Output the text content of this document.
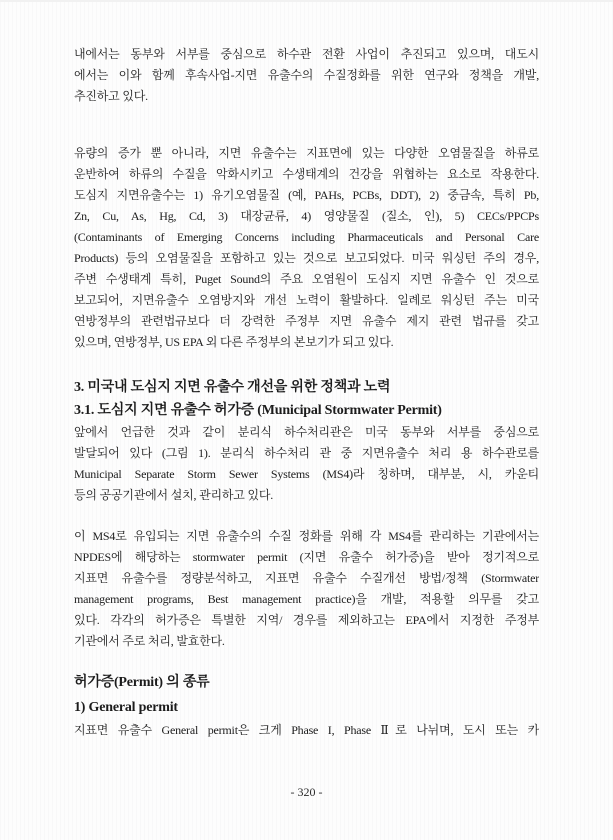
내에서는 동부와 서부를 중심으로 하수관 전환 사업이 추진되고 있으며, 대도시
에서는 이와 함께 후속사업-지면 유출수의 수질정화를 위한 연구와 정책을 개발,
추진하고 있다.
유량의 증가 뿐 아니라, 지면 유출수는 지표면에 있는 다양한 오염물질을 하류로
운반하여 하류의 수질을 악화시키고 수생태계의 건강을 위협하는 요소로 작용한다.
도심지 지면유출수는 1) 유기오염물질 (예, PAHs, PCBs, DDT), 2) 중금속, 특히 Pb,
Zn, Cu, As, Hg, Cd, 3) 대장균류, 4) 영양물질 (질소, 인), 5) CECs/PPCPs
(Contaminants of Emerging Concerns including Pharmaceuticals and Personal Care
Products) 등의 오염물질을 포함하고 있는 것으로 보고되었다. 미국 워싱턴 주의 경우,
주변 수생태계 특히, Puget Sound의 주요 오염원이 도심지 지면 유출수 인 것으로
보고되어, 지면유출수 오염방지와 개선 노력이 활발하다. 일례로 워싱턴 주는 미국
연방정부의 관련법규보다 더 강력한 주정부 지면 유출수 제지 관련 법규를 갖고
있으며, 연방정부, US EPA 외 다른 주정부의 본보기가 되고 있다.
3. 미국내 도심지 지면 유출수 개선을 위한 정책과 노력
3.1. 도심지 지면 유출수 허가증 (Municipal Stormwater Permit)
앞에서 언급한 것과 같이 분리식 하수처리관은 미국 동부와 서부를 중심으로
발달되어 있다 (그림 1). 분리식 하수처리 관 중 지면유출수 처리 용 하수관로를
Municipal Separate Storm Sewer Systems (MS4)라 칭하며, 대부분, 시, 카운티
등의 공공기관에서 설치, 관리하고 있다.
이 MS4로 유입되는 지면 유출수의 수질 정화를 위해 각 MS4를 관리하는 기관에서는
NPDES에 해당하는 stormwater permit (지면 유출수 허가증)을 받아 정기적으로
지표면 유출수를 정량분석하고, 지표면 유출수 수질개선 방법/정책 (Stormwater
management programs, Best management practice)을 개발, 적용할 의무를 갖고
있다. 각각의 허가증은 특별한 지역/ 경우를 제외하고는 EPA에서 지정한 주정부
기관에서 주로 처리, 발효한다.
허가증(Permit) 의 종류
1) General permit
지표면 유출수 General permit은 크게 Phase I, Phase Ⅱ로 나뉘며, 도시 또는 카
- 320 -
